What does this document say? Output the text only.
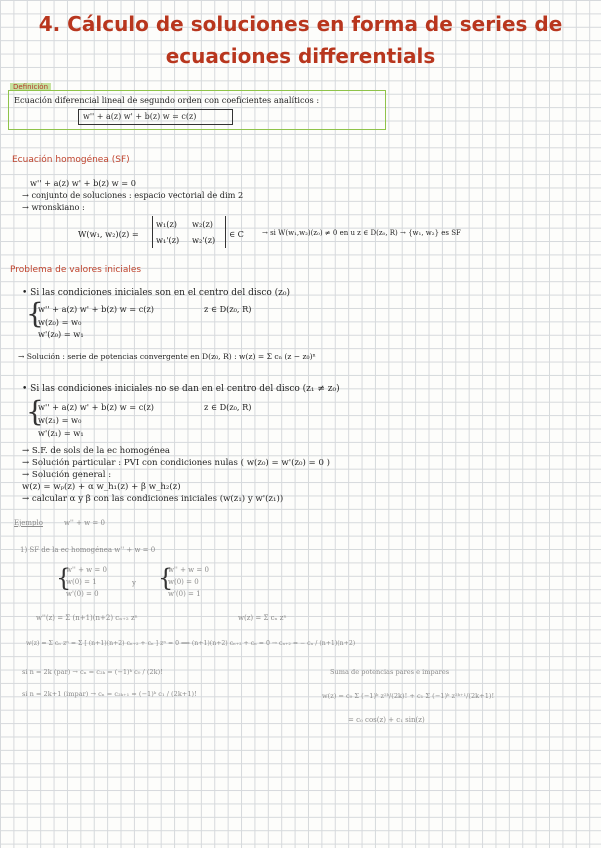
4. Cálculo de soluciones en forma de series de
ecuaciones differentials
Definición
Ecuación diferencial lineal de segundo orden con coeficientes analíticos :
w'' + a(z) w' + b(z) w = c(z)
Ecuación homogénea (SF)
w'' + a(z) w' + b(z) w = 0
→ conjunto de soluciones : espacio vectorial de dim 2
→ wronskiano :
W(w₁, w₂)(z) =
w₁(z) w₂(z)
w₁'(z) w₂'(z)
∈ C	→ si W(w₁,w₂)(z₀) ≠ 0 en u z ∈ D(z₀, R) → {w₁, w₂} es SF
Problema de valores iniciales
• Si las condiciones iniciales son en el centro del disco (z₀)
{
w'' + a(z) w' + b(z) w = c(z)
w(z₀) = w₀
w'(z₀) = w₁
z ∈ D(z₀, R)
→ Solución : serie de potencias convergente en D(z₀, R) : w(z) = Σ cₙ (z − z₀)ⁿ
• Si las condiciones iniciales no se dan en el centro del disco (z₁ ≠ z₀)
{
w'' + a(z) w' + b(z) w = c(z)
w(z₁) = w₀
w'(z₁) = w₁
z ∈ D(z₀, R)
→ S.F. de sols de la ec homogénea
→ Solución particular : PVI con condiciones nulas ( w(z₀) = w'(z₀) = 0 )
→ Solución general :
w(z) = wₚ(z) + α w_h₁(z) + β w_h₂(z)
→ calcular α y β con las condiciones iniciales (w(z₁) y w'(z₁))
Ejemplo	w'' + w = 0
1) SF de la ec homogénea w'' + w = 0
{
w'' + w = 0
w(0) = 1
w'(0) = 0
y {
w'' + w = 0
w(0) = 0
w'(0) = 1
w''(z) = Σ (n+1)(n+2) cₙ₊₂ zⁿ	w(z) = Σ cₙ zⁿ
w(z) = Σ cₙ zⁿ = Σ [ (n+1)(n+2) cₙ₊₂ + cₙ ] zⁿ = 0 ⟹ (n+1)(n+2) cₙ₊₂ + cₙ = 0 → cₙ₊₂ = − cₙ / (n+1)(n+2)
si n = 2k (par) → cₙ = c₂ₖ = (−1)ᵏ c₀ / (2k)!
si n = 2k+1 (impar) → cₙ = c₂ₖ₊₁ = (−1)ᵏ c₁ / (2k+1)!
Suma de potencias pares e impares
w(z) = c₀ Σ (−1)ᵏ z²ᵏ/(2k)! + c₁ Σ (−1)ᵏ z²ᵏ⁺¹/(2k+1)!
= c₀ cos(z) + c₁ sin(z)
